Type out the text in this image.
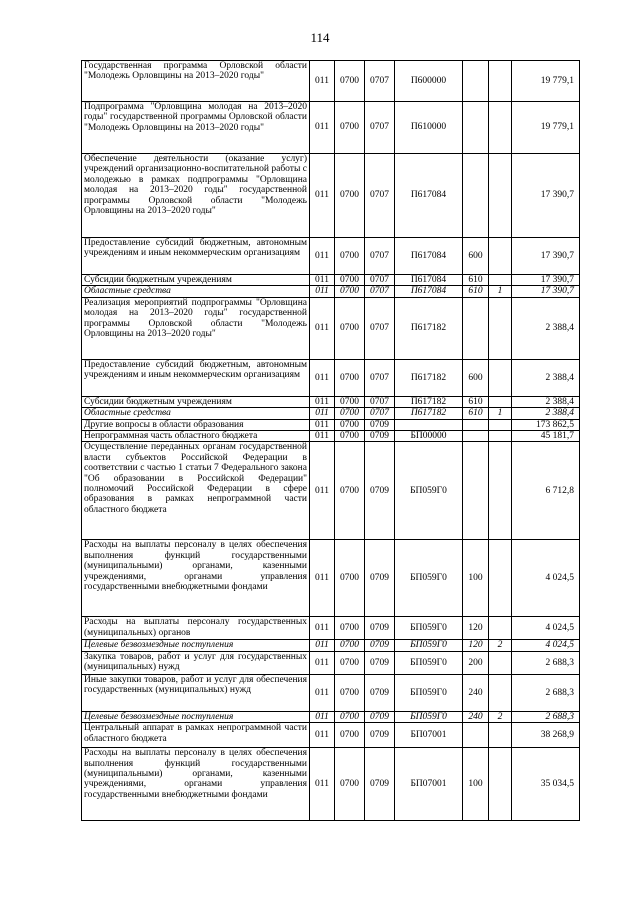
114
Государственная программа Орловской области "Молодежь Орловщины на 2013–2020 годы"	011	0700	0707	П600000			19 779,1
Подпрограмма "Орловщина молодая на 2013–2020 годы" государственной программы Орловской области "Молодежь Орловщины на 2013–2020 годы"	011	0700	0707	П610000			19 779,1
Обеспечение деятельности (оказание услуг) учреждений организационно-воспитательной работы с молодежью в рамках подпрограммы "Орловщина молодая на 2013–2020 годы" государственной программы Орловской области "Молодежь Орловщины на 2013–2020 годы"	011	0700	0707	П617084			17 390,7
Предоставление субсидий бюджетным, автономным учреждениям и иным некоммерческим организациям	011	0700	0707	П617084	600		17 390,7
Субсидии бюджетным учреждениям	011	0700	0707	П617084	610		17 390,7
Областные средства	011	0700	0707	П617084	610	1	17 390,7
Реализация мероприятий подпрограммы "Орловщина молодая на 2013–2020 годы" государственной программы Орловской области "Молодежь Орловщины на 2013–2020 годы"	011	0700	0707	П617182			2 388,4
Предоставление субсидий бюджетным, автономным учреждениям и иным некоммерческим организациям	011	0700	0707	П617182	600		2 388,4
Субсидии бюджетным учреждениям	011	0700	0707	П617182	610		2 388,4
Областные средства	011	0700	0707	П617182	610	1	2 388,4
Другие вопросы в области образования	011	0700	0709				173 862,5
Непрограммная часть областного бюджета	011	0700	0709	БП00000			45 181,7
Осуществление переданных органам государственной власти субъектов Российской Федерации в соответствии с частью 1 статьи 7 Федерального закона "Об образовании в Российской Федерации" полномочий Российской Федерации в сфере образования в рамках непрограммной части областного бюджета	011	0700	0709	БП059Г0			6 712,8
Расходы на выплаты персоналу в целях обеспечения выполнения функций государственными (муниципальными) органами, казенными учреждениями, органами управления государственными внебюджетными фондами	011	0700	0709	БП059Г0	100		4 024,5
Расходы на выплаты персоналу государственных (муниципальных) органов	011	0700	0709	БП059Г0	120		4 024,5
Целевые безвозмездные поступления	011	0700	0709	БП059Г0	120	2	4 024,5
Закупка товаров, работ и услуг для государственных (муниципальных) нужд	011	0700	0709	БП059Г0	200		2 688,3
Иные закупки товаров, работ и услуг для обеспечения государственных (муниципальных) нужд	011	0700	0709	БП059Г0	240		2 688,3
Целевые безвозмездные поступления	011	0700	0709	БП059Г0	240	2	2 688,3
Центральный аппарат в рамках непрограммной части областного бюджета	011	0700	0709	БП07001			38 268,9
Расходы на выплаты персоналу в целях обеспечения выполнения функций государственными (муниципальными) органами, казенными учреждениями, органами управления государственными внебюджетными фондами	011	0700	0709	БП07001	100		35 034,5
